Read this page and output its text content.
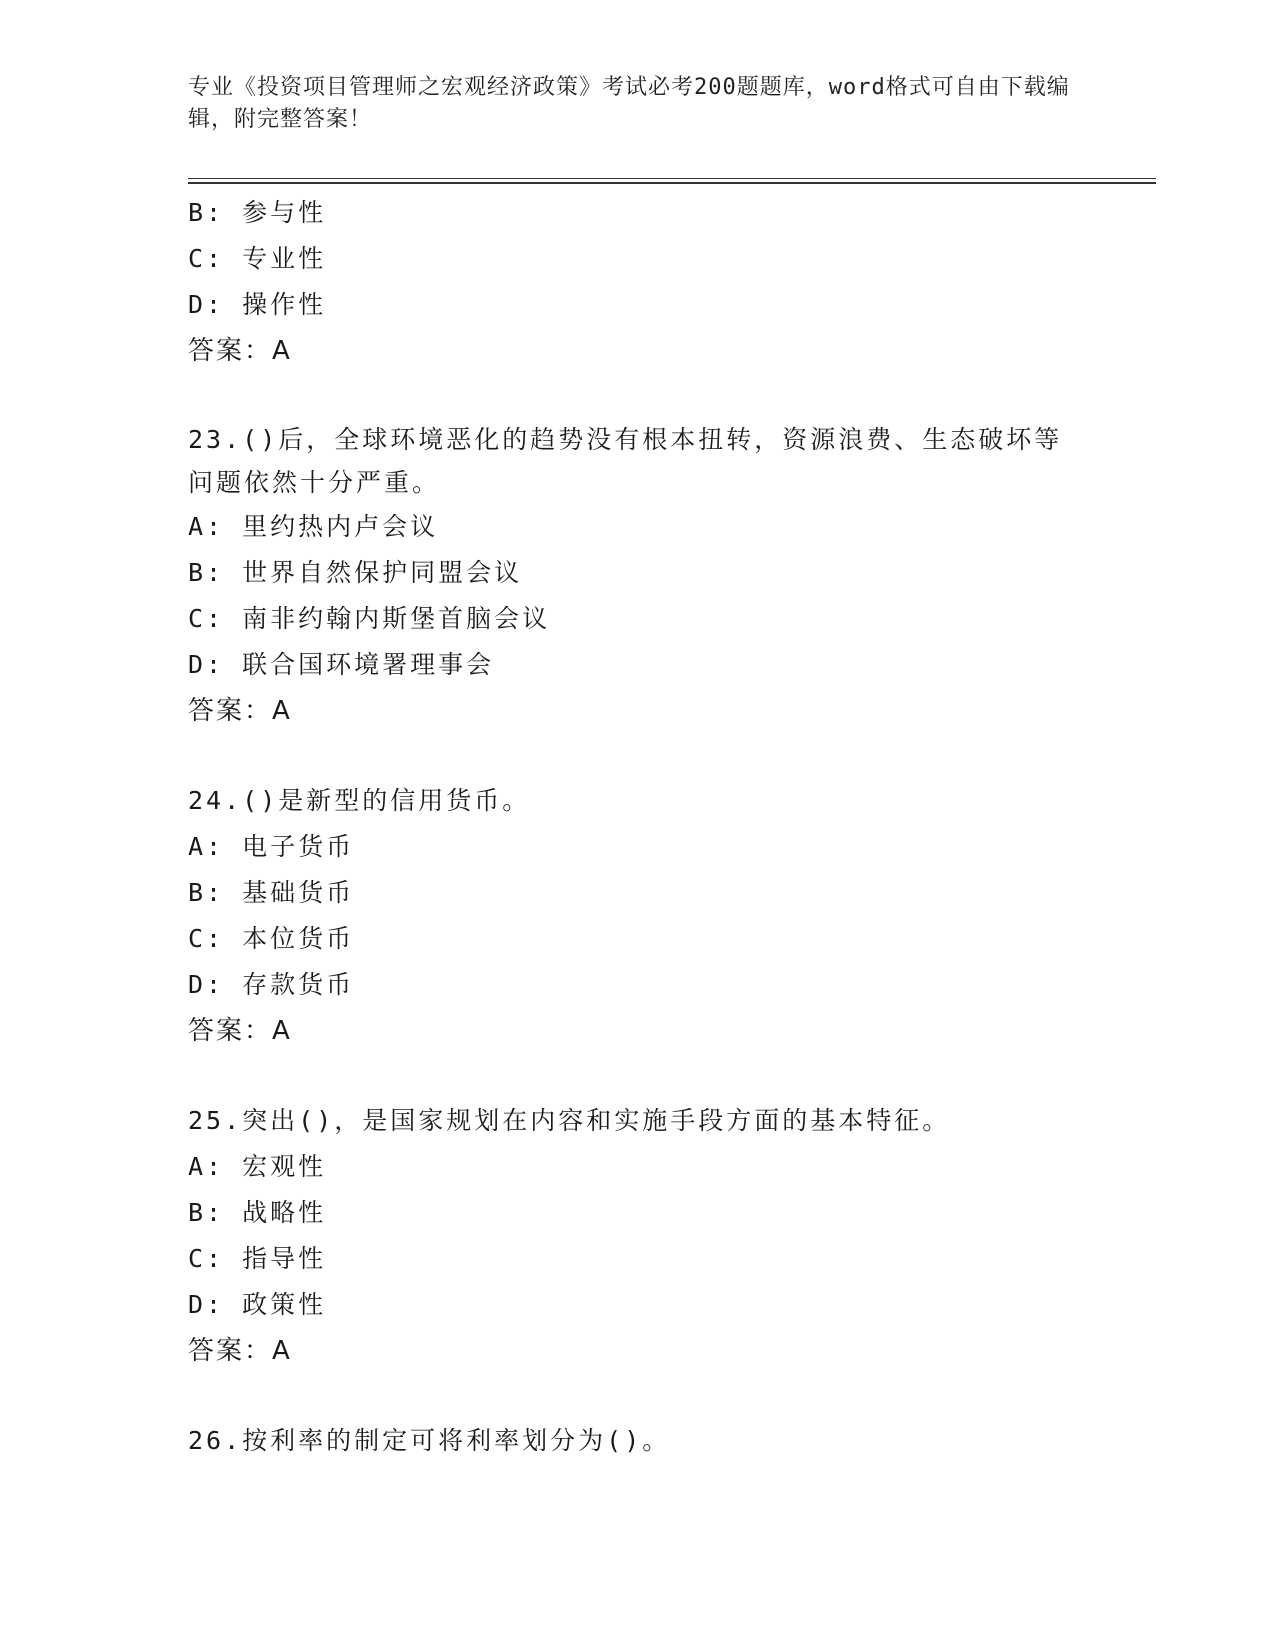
专业《投资项目管理师之宏观经济政策》考试必考200题题库，word格式可自由下载编辑，附完整答案！
B: 参与性
C: 专业性
D: 操作性
答案：A
23.()后，全球环境恶化的趋势没有根本扭转，资源浪费、生态破坏等问题依然十分严重。
A: 里约热内卢会议
B: 世界自然保护同盟会议
C: 南非约翰内斯堡首脑会议
D: 联合国环境署理事会
答案：A
24.()是新型的信用货币。
A: 电子货币
B: 基础货币
C: 本位货币
D: 存款货币
答案：A
25.突出()，是国家规划在内容和实施手段方面的基本特征。
A: 宏观性
B: 战略性
C: 指导性
D: 政策性
答案：A
26.按利率的制定可将利率划分为()。
